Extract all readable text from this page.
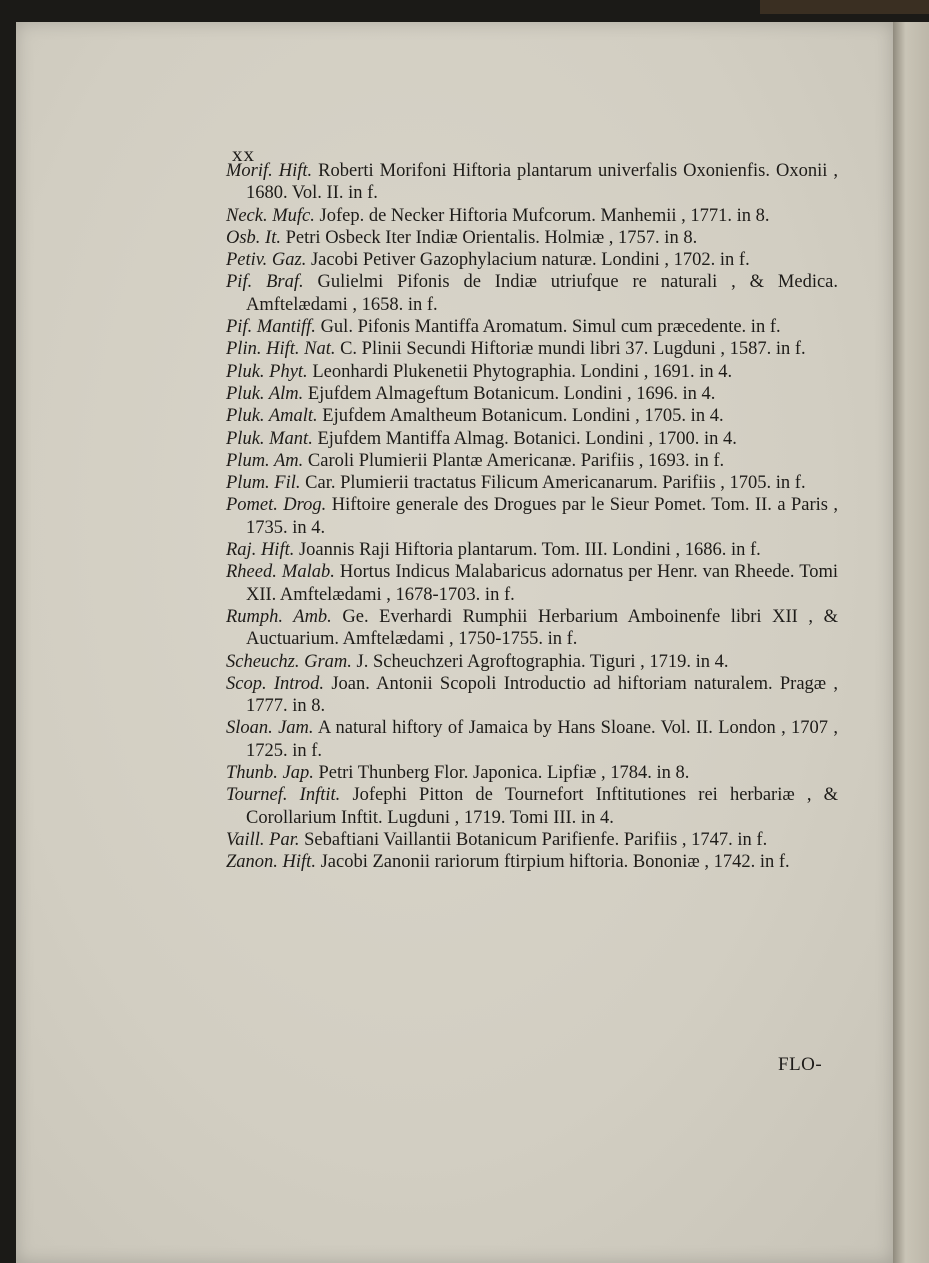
xx
Morif. Hift. Roberti Morifoni Hiftoria plantarum univerfalis Oxonienfis. Oxonii , 1680. Vol. II. in f.
Neck. Mufc. Jofep. de Necker Hiftoria Mufcorum. Manhemii , 1771. in 8.
Osb. It. Petri Osbeck Iter Indiæ Orientalis. Holmiæ , 1757. in 8.
Petiv. Gaz. Jacobi Petiver Gazophylacium naturæ. Londini , 1702. in f.
Pif. Braf. Gulielmi Pifonis de Indiæ utriufque re naturali , & Medica. Amftelædami , 1658. in f.
Pif. Mantiff. Gul. Pifonis Mantiffa Aromatum. Simul cum præcedente. in f.
Plin. Hift. Nat. C. Plinii Secundi Hiftoriæ mundi libri 37. Lugduni , 1587. in f.
Pluk. Phyt. Leonhardi Plukenetii Phytographia. Londini , 1691. in 4.
Pluk. Alm. Ejufdem Almageftum Botanicum. Londini , 1696. in 4.
Pluk. Amalt. Ejufdem Amaltheum Botanicum. Londini , 1705. in 4.
Pluk. Mant. Ejufdem Mantiffa Almag. Botanici. Londini , 1700. in 4.
Plum. Am. Caroli Plumierii Plantæ Americanæ. Parifiis , 1693. in f.
Plum. Fil. Car. Plumierii tractatus Filicum Americanarum. Parifiis , 1705. in f.
Pomet. Drog. Hiftoire generale des Drogues par le Sieur Pomet. Tom. II. a Paris , 1735. in 4.
Raj. Hift. Joannis Raji Hiftoria plantarum. Tom. III. Londini , 1686. in f.
Rheed. Malab. Hortus Indicus Malabaricus adornatus per Henr. van Rheede. Tomi XII. Amftelædami , 1678-1703. in f.
Rumph. Amb. Ge. Everhardi Rumphii Herbarium Amboinenfe libri XII , & Auctuarium. Amftelædami , 1750-1755. in f.
Scheuchz. Gram. J. Scheuchzeri Agroftographia. Tiguri , 1719. in 4.
Scop. Introd. Joan. Antonii Scopoli Introductio ad hiftoriam naturalem. Pragæ , 1777. in 8.
Sloan. Jam. A natural hiftory of Jamaica by Hans Sloane. Vol. II. London , 1707 , 1725. in f.
Thunb. Jap. Petri Thunberg Flor. Japonica. Lipfiæ , 1784. in 8.
Tournef. Inftit. Jofephi Pitton de Tournefort Inftitutiones rei herbariæ , & Corollarium Inftit. Lugduni , 1719. Tomi III. in 4.
Vaill. Par. Sebaftiani Vaillantii Botanicum Parifienfe. Parifiis , 1747. in f.
Zanon. Hift. Jacobi Zanonii rariorum ftirpium hiftoria. Bononiæ , 1742. in f.
FLO-
